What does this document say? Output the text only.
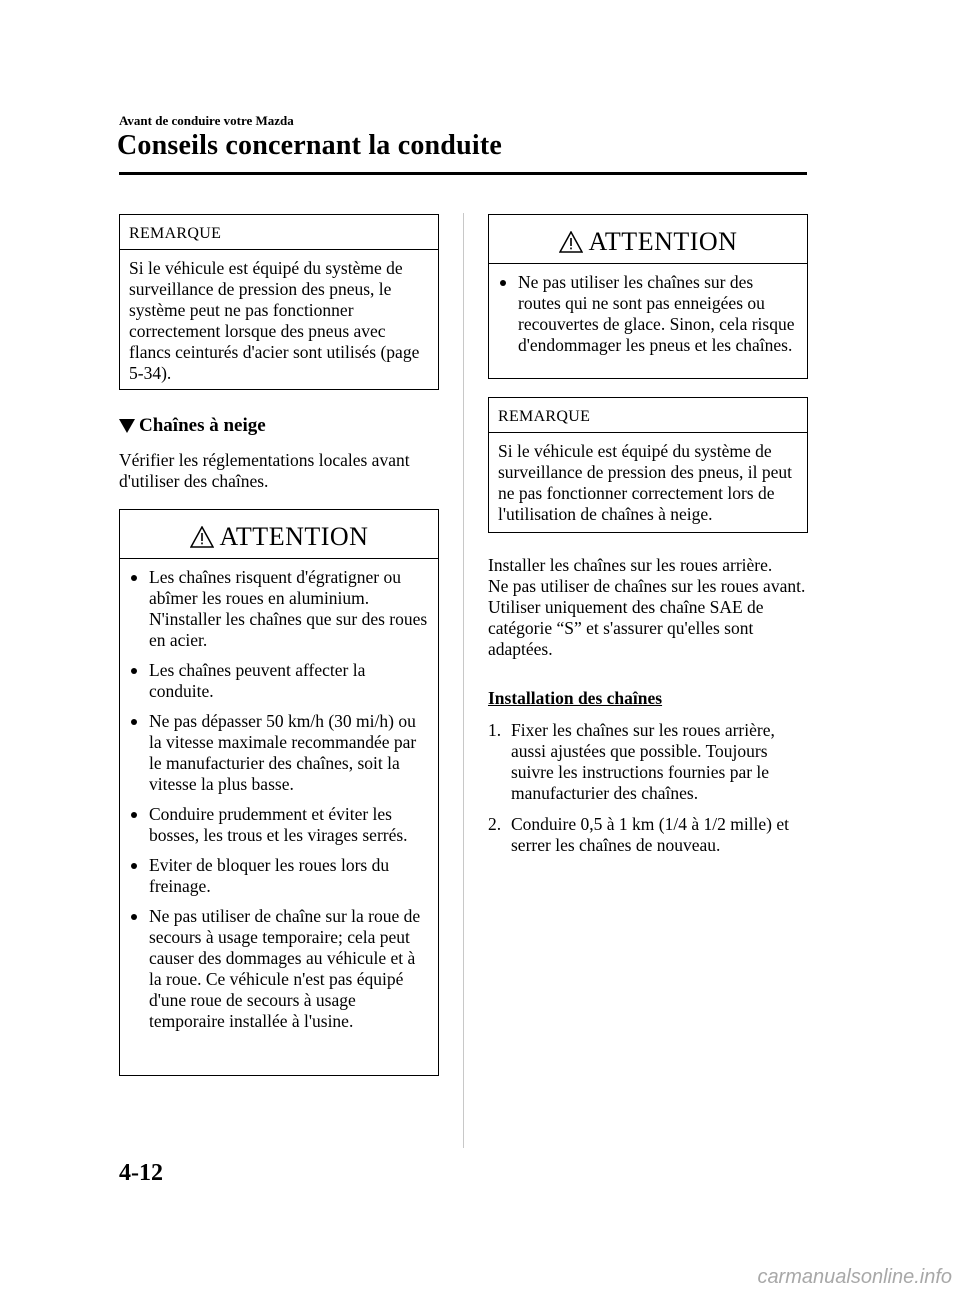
Avant de conduire votre Mazda
Conseils concernant la conduite
REMARQUE
Si le véhicule est équipé du système de surveillance de pression des pneus, le système peut ne pas fonctionner correctement lorsque des pneus avec flancs ceinturés d'acier sont utilisés (page 5-34).
Chaînes à neige
Vérifier les réglementations locales avant d'utiliser des chaînes.
ATTENTION
Les chaînes risquent d'égratigner ou abîmer les roues en aluminium. N'installer les chaînes que sur des roues en acier.
Les chaînes peuvent affecter la conduite.
Ne pas dépasser 50 km/h (30 mi/h) ou la vitesse maximale recommandée par le manufacturier des chaînes, soit la vitesse la plus basse.
Conduire prudemment et éviter les bosses, les trous et les virages serrés.
Eviter de bloquer les roues lors du freinage.
Ne pas utiliser de chaîne sur la roue de secours à usage temporaire; cela peut causer des dommages au véhicule et à la roue. Ce véhicule n'est pas équipé d'une roue de secours à usage temporaire installée à l'usine.
ATTENTION
Ne pas utiliser les chaînes sur des routes qui ne sont pas enneigées ou recouvertes de glace. Sinon, cela risque d'endommager les pneus et les chaînes.
REMARQUE
Si le véhicule est équipé du système de surveillance de pression des pneus, il peut ne pas fonctionner correctement lors de l'utilisation de chaînes à neige.
Installer les chaînes sur les roues arrière.
Ne pas utiliser de chaînes sur les roues avant.
Utiliser uniquement des chaîne SAE de catégorie “S” et s'assurer qu'elles sont adaptées.
Installation des chaînes
1. Fixer les chaînes sur les roues arrière, aussi ajustées que possible. Toujours suivre les instructions fournies par le manufacturier des chaînes.
2. Conduire 0,5 à 1 km (1/4 à 1/2 mille) et serrer les chaînes de nouveau.
4-12
carmanualsonline.info
